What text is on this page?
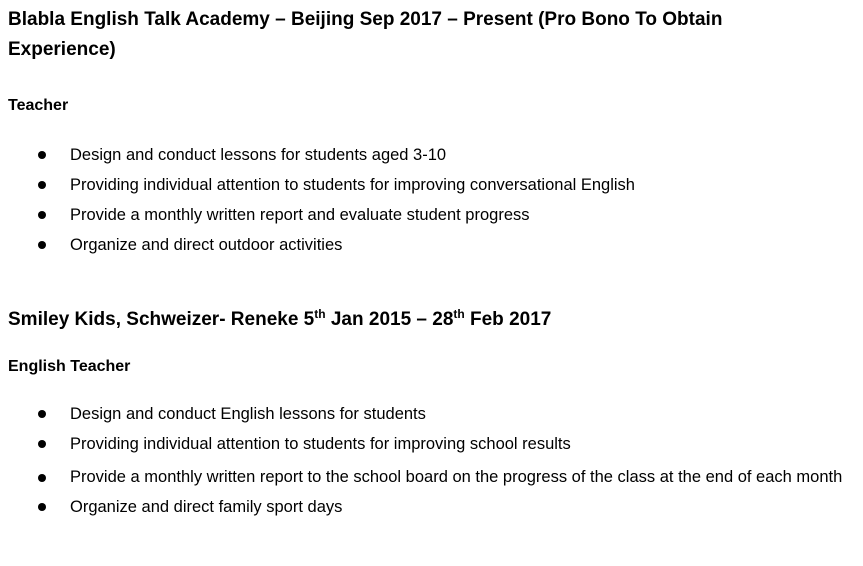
Blabla English Talk Academy – Beijing Sep 2017 – Present (Pro Bono To Obtain
Experience)
Teacher
Design and conduct lessons for students aged 3-10
Providing individual attention to students for improving conversational English
Provide a monthly written report and evaluate student progress
Organize and direct outdoor activities
Smiley Kids, Schweizer- Reneke 5th Jan 2015 – 28th Feb 2017
English Teacher
Design and conduct English lessons for students
Providing individual attention to students for improving school results
Provide a monthly written report to the school board on the progress of the class at the end of each month
Organize and direct family sport days
